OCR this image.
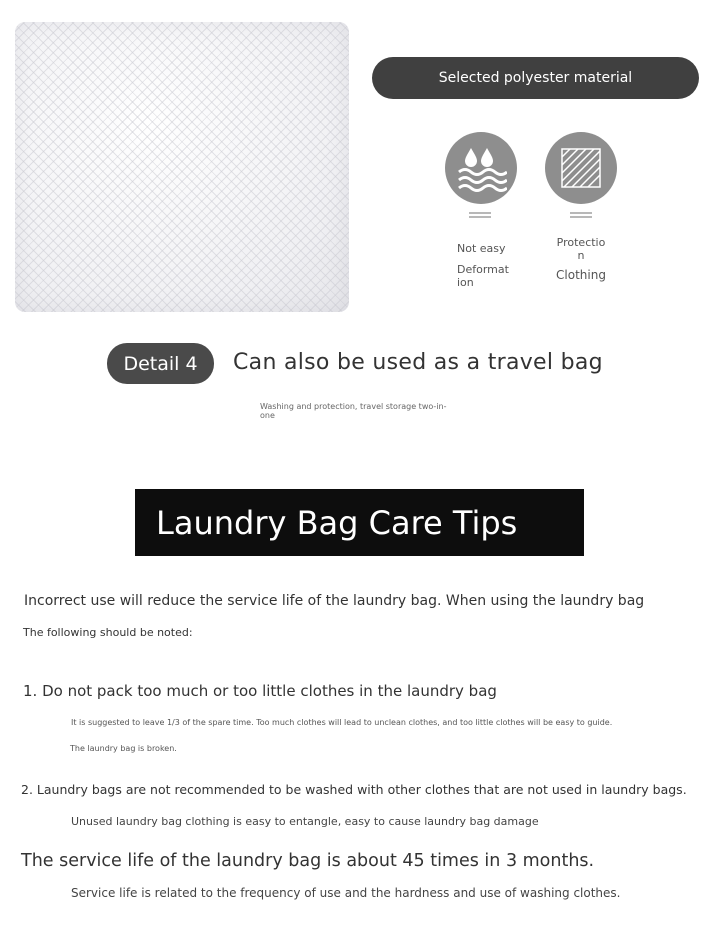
Selected polyester material
Not easy
Deformat
ion
Protectio
n
Clothing
Detail 4 Can also be used as a travel bag
Washing and protection, travel storage two-in-one
Laundry Bag Care Tips
Incorrect use will reduce the service life of the laundry bag. When using the laundry bag
The following should be noted:
1. Do not pack too much or too little clothes in the laundry bag
It is suggested to leave 1/3 of the spare time. Too much clothes will lead to unclean clothes, and too little clothes will be easy to guide.
The laundry bag is broken.
2. Laundry bags are not recommended to be washed with other clothes that are not used in laundry bags.
Unused laundry bag clothing is easy to entangle, easy to cause laundry bag damage
The service life of the laundry bag is about 45 times in 3 months.
Service life is related to the frequency of use and the hardness and use of washing clothes.
